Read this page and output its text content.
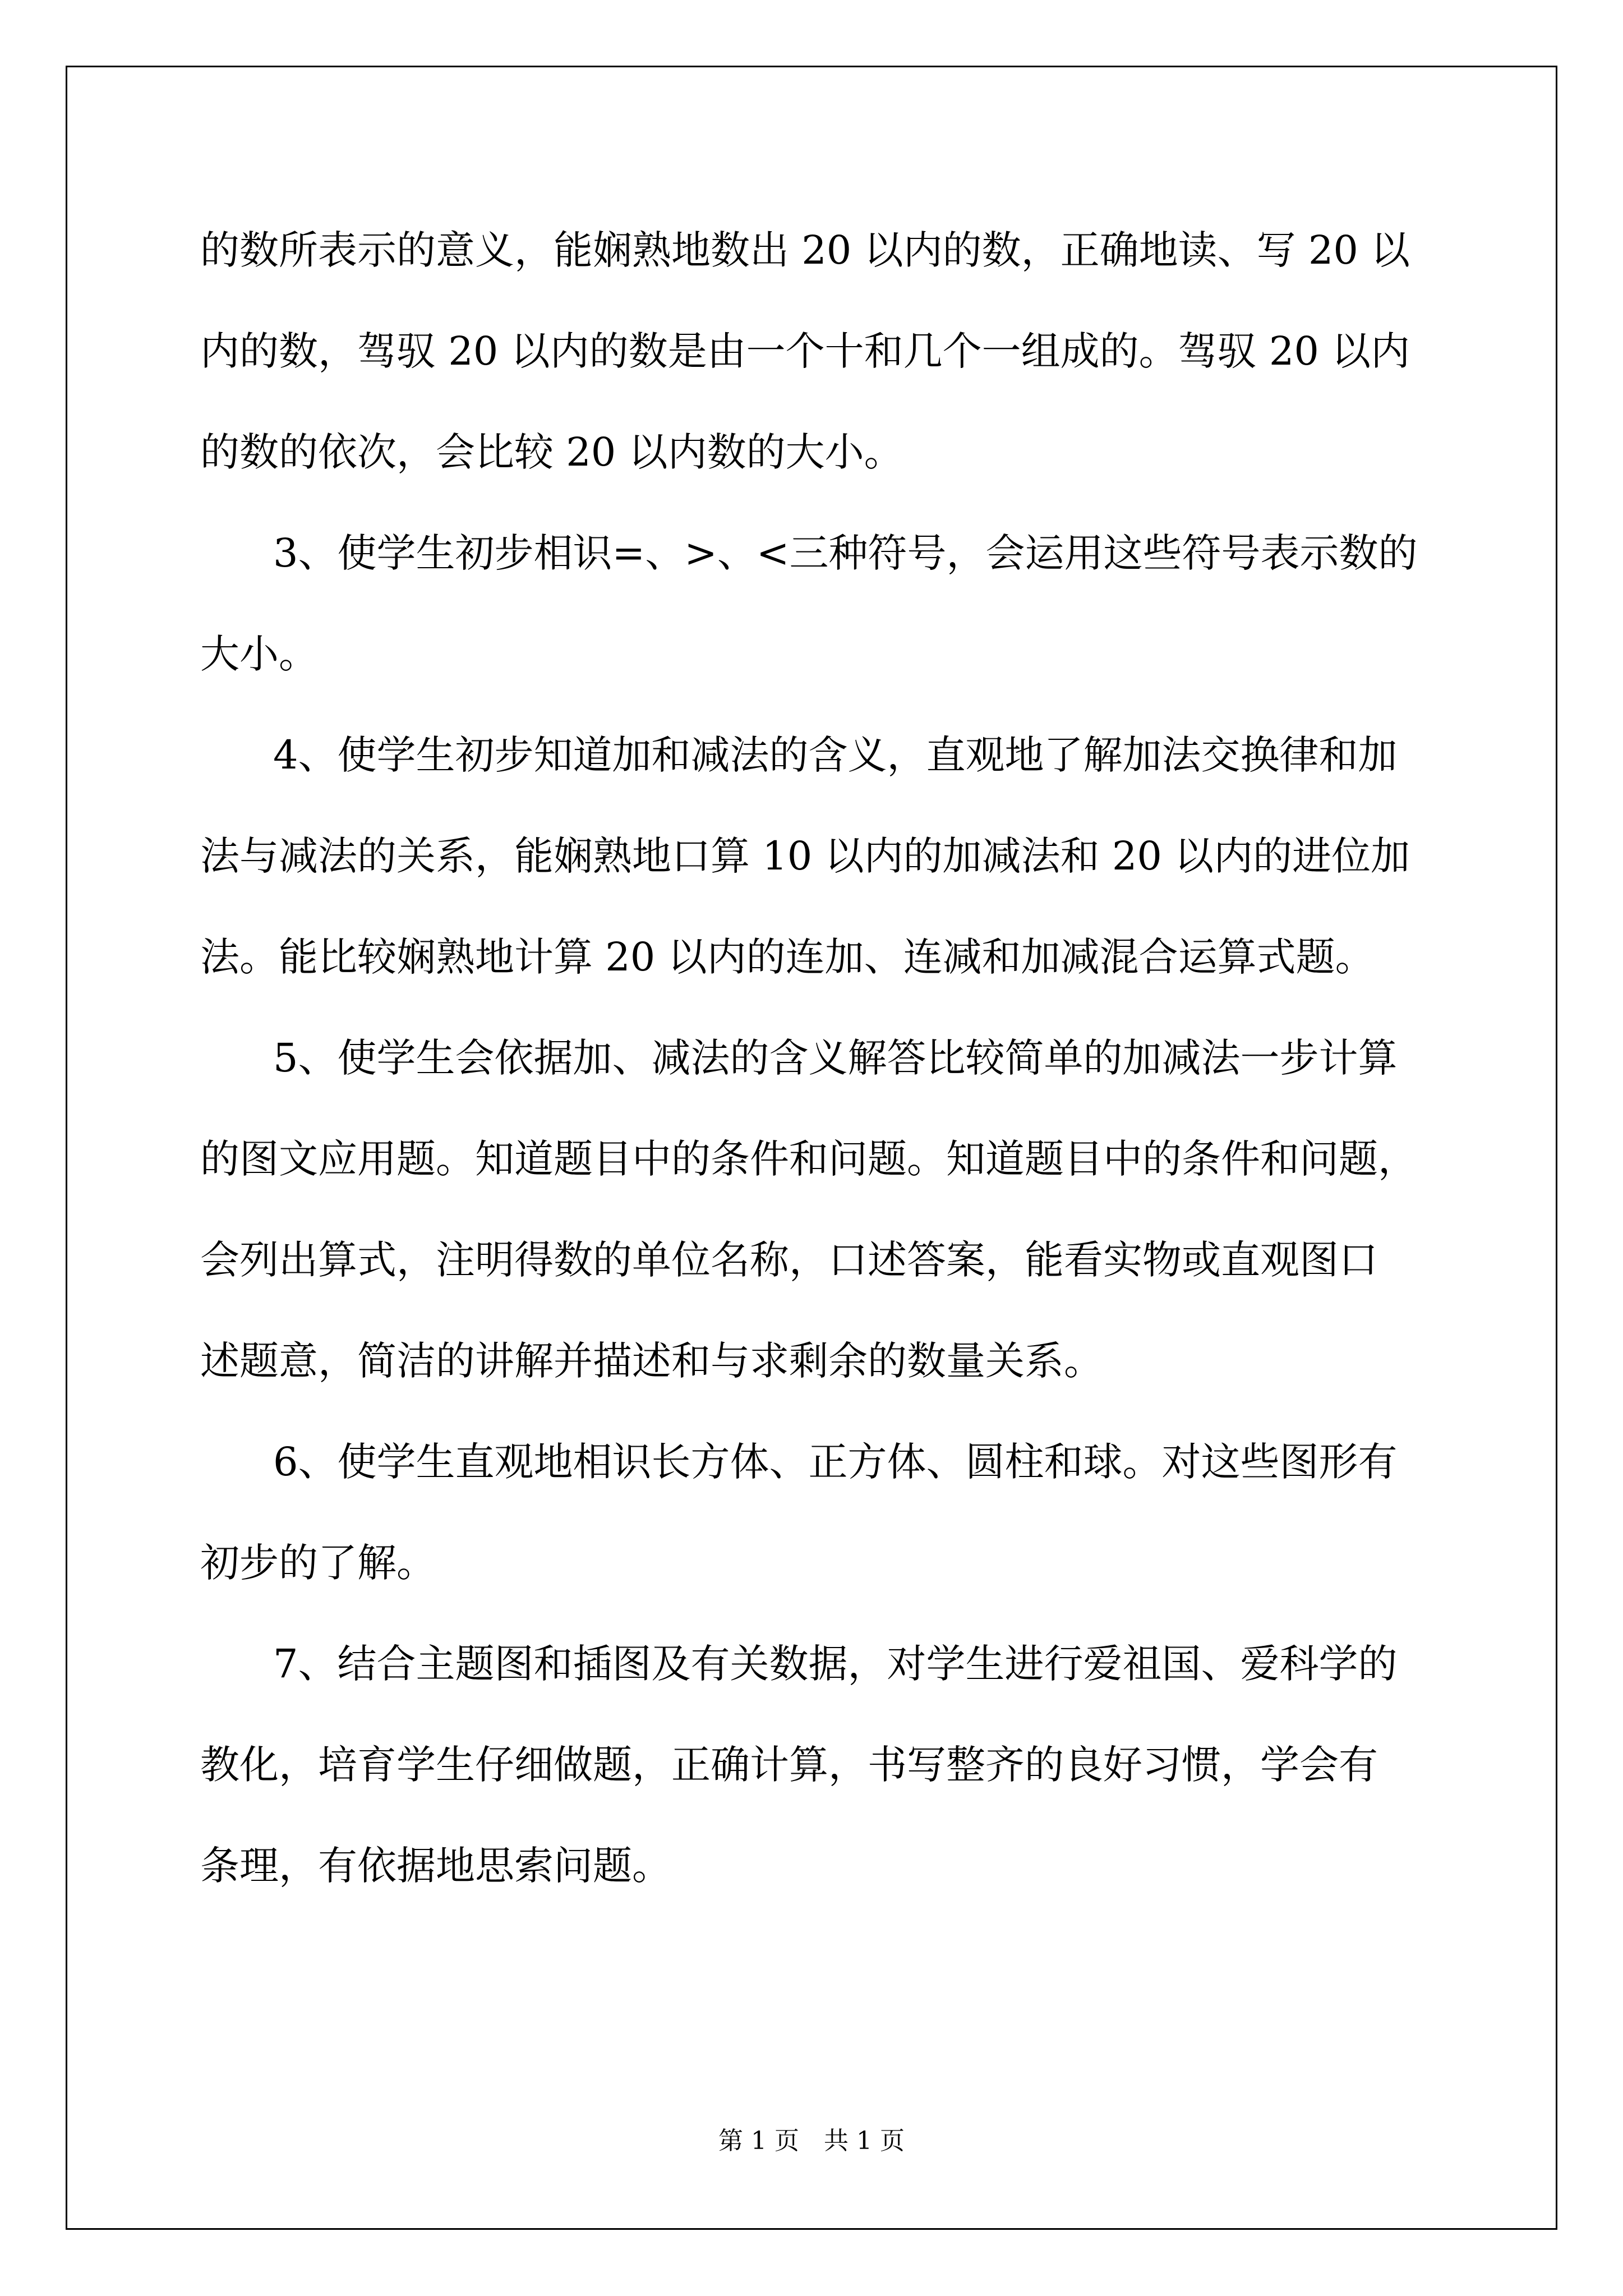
的数所表示的意义，能娴熟地数出 20 以内的数，正确地读、写 20 以
内的数，驾驭 20 以内的数是由一个十和几个一组成的。驾驭 20 以内
的数的依次，会比较 20 以内数的大小。
3、使学生初步相识=、>、<三种符号，会运用这些符号表示数的
大小。
4、使学生初步知道加和减法的含义，直观地了解加法交换律和加
法与减法的关系，能娴熟地口算 10 以内的加减法和 20 以内的进位加
法。能比较娴熟地计算 20 以内的连加、连减和加减混合运算式题。
5、使学生会依据加、减法的含义解答比较简单的加减法一步计算
的图文应用题。知道题目中的条件和问题。知道题目中的条件和问题，
会列出算式，注明得数的单位名称，口述答案，能看实物或直观图口
述题意，简洁的讲解并描述和与求剩余的数量关系。
6、使学生直观地相识长方体、正方体、圆柱和球。对这些图形有
初步的了解。
7、结合主题图和插图及有关数据，对学生进行爱祖国、爱科学的
教化，培育学生仔细做题，正确计算，书写整齐的良好习惯，学会有
条理，有依据地思索问题。
第 1 页　共 1 页
